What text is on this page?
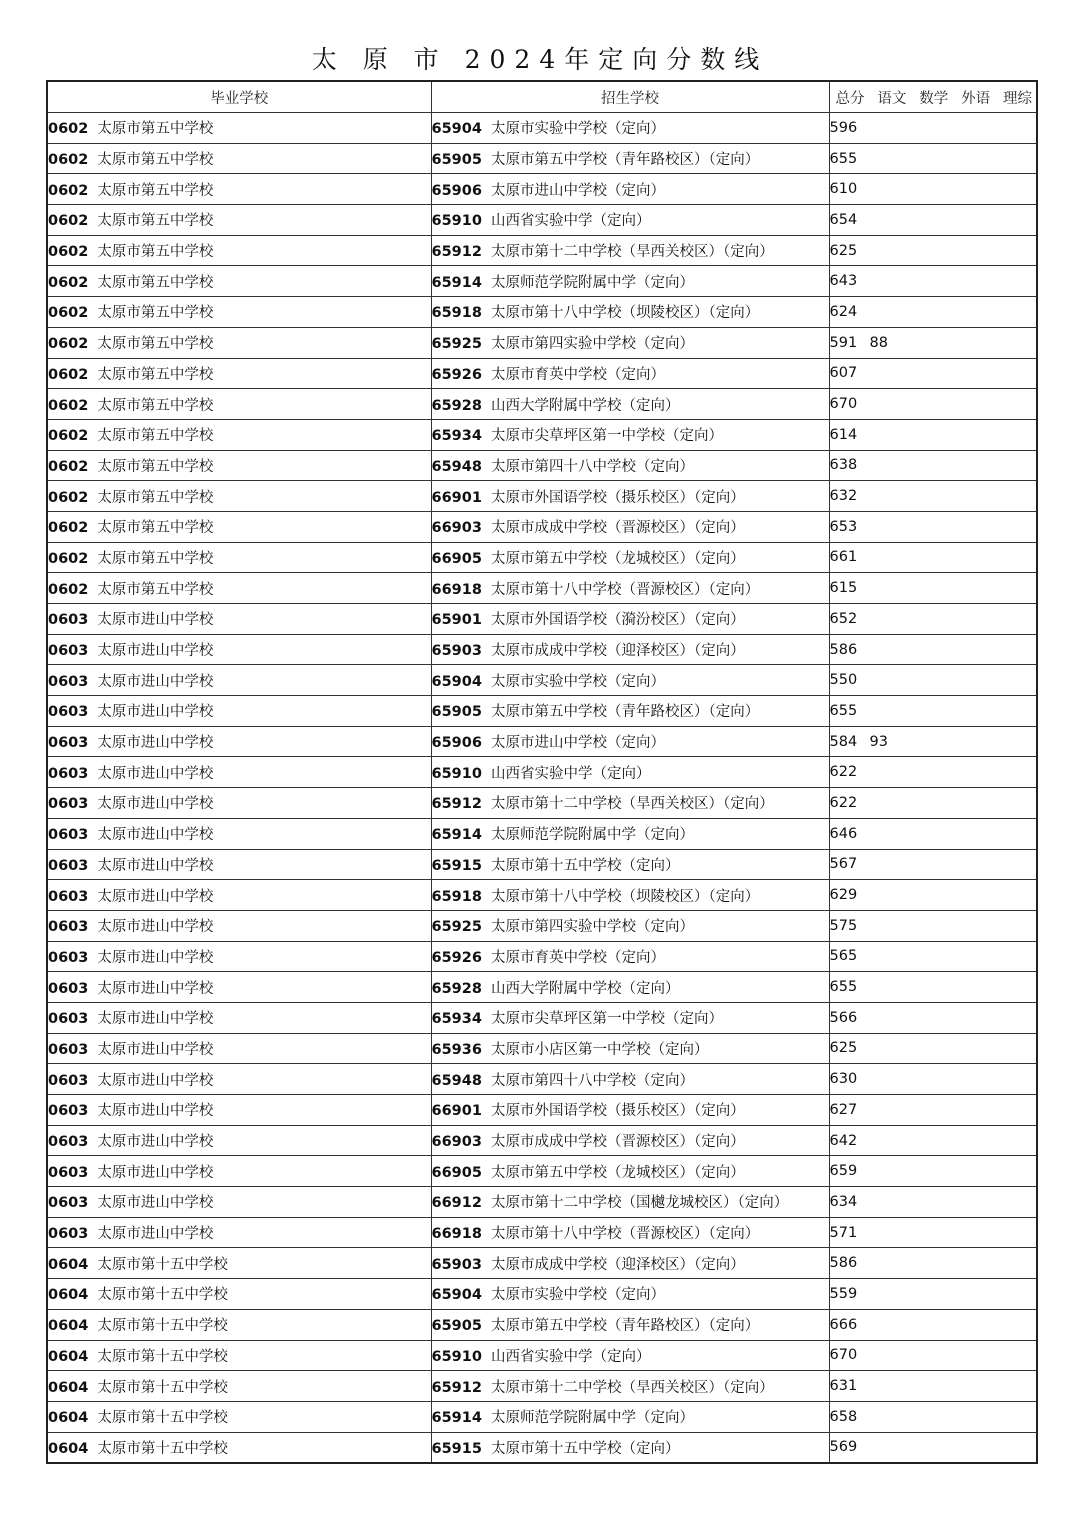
太 原 市 2024年定向分数线
毕业学校	招生学校	总分 语文 数学 外语 理综

0602 太原市第五中学校	65904 太原市实验中学校（定向）	596
0602 太原市第五中学校	65905 太原市第五中学校（青年路校区）（定向）	655
0602 太原市第五中学校	65906 太原市进山中学校（定向）	610
0602 太原市第五中学校	65910 山西省实验中学（定向）	654
0602 太原市第五中学校	65912 太原市第十二中学校（旱西关校区）（定向）	625
0602 太原市第五中学校	65914 太原师范学院附属中学（定向）	643
0602 太原市第五中学校	65918 太原市第十八中学校（坝陵校区）（定向）	624
0602 太原市第五中学校	65925 太原市第四实验中学校（定向）	591 88
0602 太原市第五中学校	65926 太原市育英中学校（定向）	607
0602 太原市第五中学校	65928 山西大学附属中学校（定向）	670
0602 太原市第五中学校	65934 太原市尖草坪区第一中学校（定向）	614
0602 太原市第五中学校	65948 太原市第四十八中学校（定向）	638
0602 太原市第五中学校	66901 太原市外国语学校（摄乐校区）（定向）	632
0602 太原市第五中学校	66903 太原市成成中学校（晋源校区）（定向）	653
0602 太原市第五中学校	66905 太原市第五中学校（龙城校区）（定向）	661
0602 太原市第五中学校	66918 太原市第十八中学校（晋源校区）（定向）	615
0603 太原市进山中学校	65901 太原市外国语学校（漪汾校区）（定向）	652
0603 太原市进山中学校	65903 太原市成成中学校（迎泽校区）（定向）	586
0603 太原市进山中学校	65904 太原市实验中学校（定向）	550
0603 太原市进山中学校	65905 太原市第五中学校（青年路校区）（定向）	655
0603 太原市进山中学校	65906 太原市进山中学校（定向）	584 93
0603 太原市进山中学校	65910 山西省实验中学（定向）	622
0603 太原市进山中学校	65912 太原市第十二中学校（旱西关校区）（定向）	622
0603 太原市进山中学校	65914 太原师范学院附属中学（定向）	646
0603 太原市进山中学校	65915 太原市第十五中学校（定向）	567
0603 太原市进山中学校	65918 太原市第十八中学校（坝陵校区）（定向）	629
0603 太原市进山中学校	65925 太原市第四实验中学校（定向）	575
0603 太原市进山中学校	65926 太原市育英中学校（定向）	565
0603 太原市进山中学校	65928 山西大学附属中学校（定向）	655
0603 太原市进山中学校	65934 太原市尖草坪区第一中学校（定向）	566
0603 太原市进山中学校	65936 太原市小店区第一中学校（定向）	625
0603 太原市进山中学校	65948 太原市第四十八中学校（定向）	630
0603 太原市进山中学校	66901 太原市外国语学校（摄乐校区）（定向）	627
0603 太原市进山中学校	66903 太原市成成中学校（晋源校区）（定向）	642
0603 太原市进山中学校	66905 太原市第五中学校（龙城校区）（定向）	659
0603 太原市进山中学校	66912 太原市第十二中学校（国樾龙城校区）（定向）	634
0603 太原市进山中学校	66918 太原市第十八中学校（晋源校区）（定向）	571
0604 太原市第十五中学校	65903 太原市成成中学校（迎泽校区）（定向）	586
0604 太原市第十五中学校	65904 太原市实验中学校（定向）	559
0604 太原市第十五中学校	65905 太原市第五中学校（青年路校区）（定向）	666
0604 太原市第十五中学校	65910 山西省实验中学（定向）	670
0604 太原市第十五中学校	65912 太原市第十二中学校（旱西关校区）（定向）	631
0604 太原市第十五中学校	65914 太原师范学院附属中学（定向）	658
0604 太原市第十五中学校	65915 太原市第十五中学校（定向）	569
